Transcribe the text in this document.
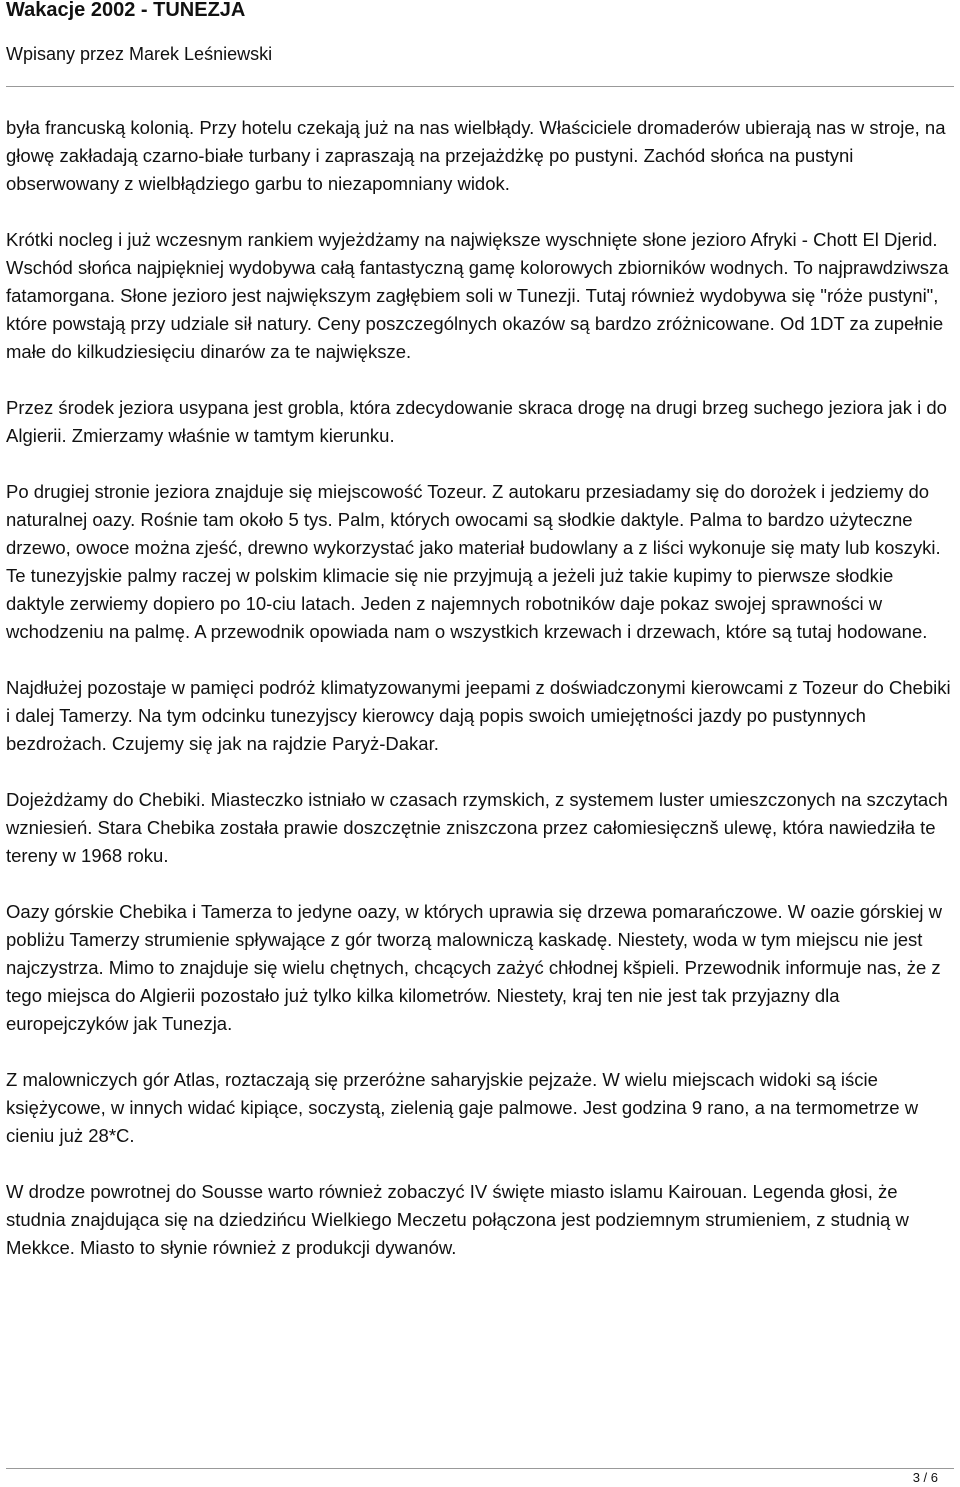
Wakacje 2002 - TUNEZJA
Wpisany przez Marek Leśniewski

była francuską kolonią. Przy hotelu czekają już na nas wielbłądy. Właściciele dromaderów ubierają nas w stroje, na głowę zakładają czarno-białe turbany i zapraszają na przejażdżkę po pustyni. Zachód słońca na pustyni obserwowany z wielbłądziego garbu to niezapomniany widok.

Krótki nocleg i już wczesnym rankiem wyjeżdżamy na największe wyschnięte słone jezioro Afryki - Chott El Djerid. Wschód słońca najpiękniej wydobywa całą fantastyczną gamę kolorowych zbiorników wodnych. To najprawdziwsza fatamorgana. Słone jezioro jest największym zagłębiem soli w Tunezji. Tutaj również wydobywa się "róże pustyni", które powstają przy udziale sił natury. Ceny poszczególnych okazów są bardzo zróżnicowane. Od 1DT za zupełnie małe do kilkudziesięciu dinarów za te największe.

Przez środek jeziora usypana jest grobla, która zdecydowanie skraca drogę na drugi brzeg suchego jeziora jak i do Algierii. Zmierzamy właśnie w tamtym kierunku.

Po drugiej stronie jeziora znajduje się miejscowość Tozeur. Z autokaru przesiadamy się do dorożek i jedziemy do naturalnej oazy. Rośnie tam około 5 tys. Palm, których owocami są słodkie daktyle. Palma to bardzo użyteczne drzewo, owoce można zjeść, drewno wykorzystać jako materiał budowlany a z liści wykonuje się maty lub koszyki. Te tunezyjskie palmy raczej w polskim klimacie się nie przyjmują a jeżeli już takie kupimy to pierwsze słodkie daktyle zerwiemy dopiero po 10-ciu latach. Jeden z najemnych robotników daje pokaz swojej sprawności w wchodzeniu na palmę. A przewodnik opowiada nam o wszystkich krzewach i drzewach, które są tutaj hodowane.

Najdłużej pozostaje w pamięci podróż klimatyzowanymi jeepami z doświadczonymi kierowcami z Tozeur do Chebiki i dalej Tamerzy. Na tym odcinku tunezyjscy kierowcy dają popis swoich umiejętności jazdy po pustynnych bezdrożach. Czujemy się jak na rajdzie Paryż-Dakar.

Dojeżdżamy do Chebiki. Miasteczko istniało w czasach rzymskich, z systemem luster umieszczonych na szczytach wzniesień. Stara Chebika została prawie doszczętnie zniszczona przez całomiesięcznš ulewę, która nawiedziła te tereny w 1968 roku.

Oazy górskie Chebika i Tamerza to jedyne oazy, w których uprawia się drzewa pomarańczowe. W oazie górskiej w pobliżu Tamerzy strumienie spływające z gór tworzą malowniczą kaskadę. Niestety, woda w tym miejscu nie jest najczystrza. Mimo to znajduje się wielu chętnych, chcących zażyć chłodnej kšpieli. Przewodnik informuje nas, że z tego miejsca do Algierii pozostało już tylko kilka kilometrów. Niestety, kraj ten nie jest tak przyjazny dla europejczyków jak Tunezja.

Z malowniczych gór Atlas, roztaczają się przeróżne saharyjskie pejzaże. W wielu miejscach widoki są iście księżycowe, w innych widać kipiące, soczystą, zielenią gaje palmowe. Jest godzina 9 rano, a na termometrze w cieniu już 28*C.

W drodze powrotnej do Sousse warto również zobaczyć IV święte miasto islamu Kairouan. Legenda głosi, że studnia znajdująca się na dziedzińcu Wielkiego Meczetu połączona jest podziemnym strumieniem, z studnią w Mekkce. Miasto to słynie również z produkcji dywanów.

3 / 6
